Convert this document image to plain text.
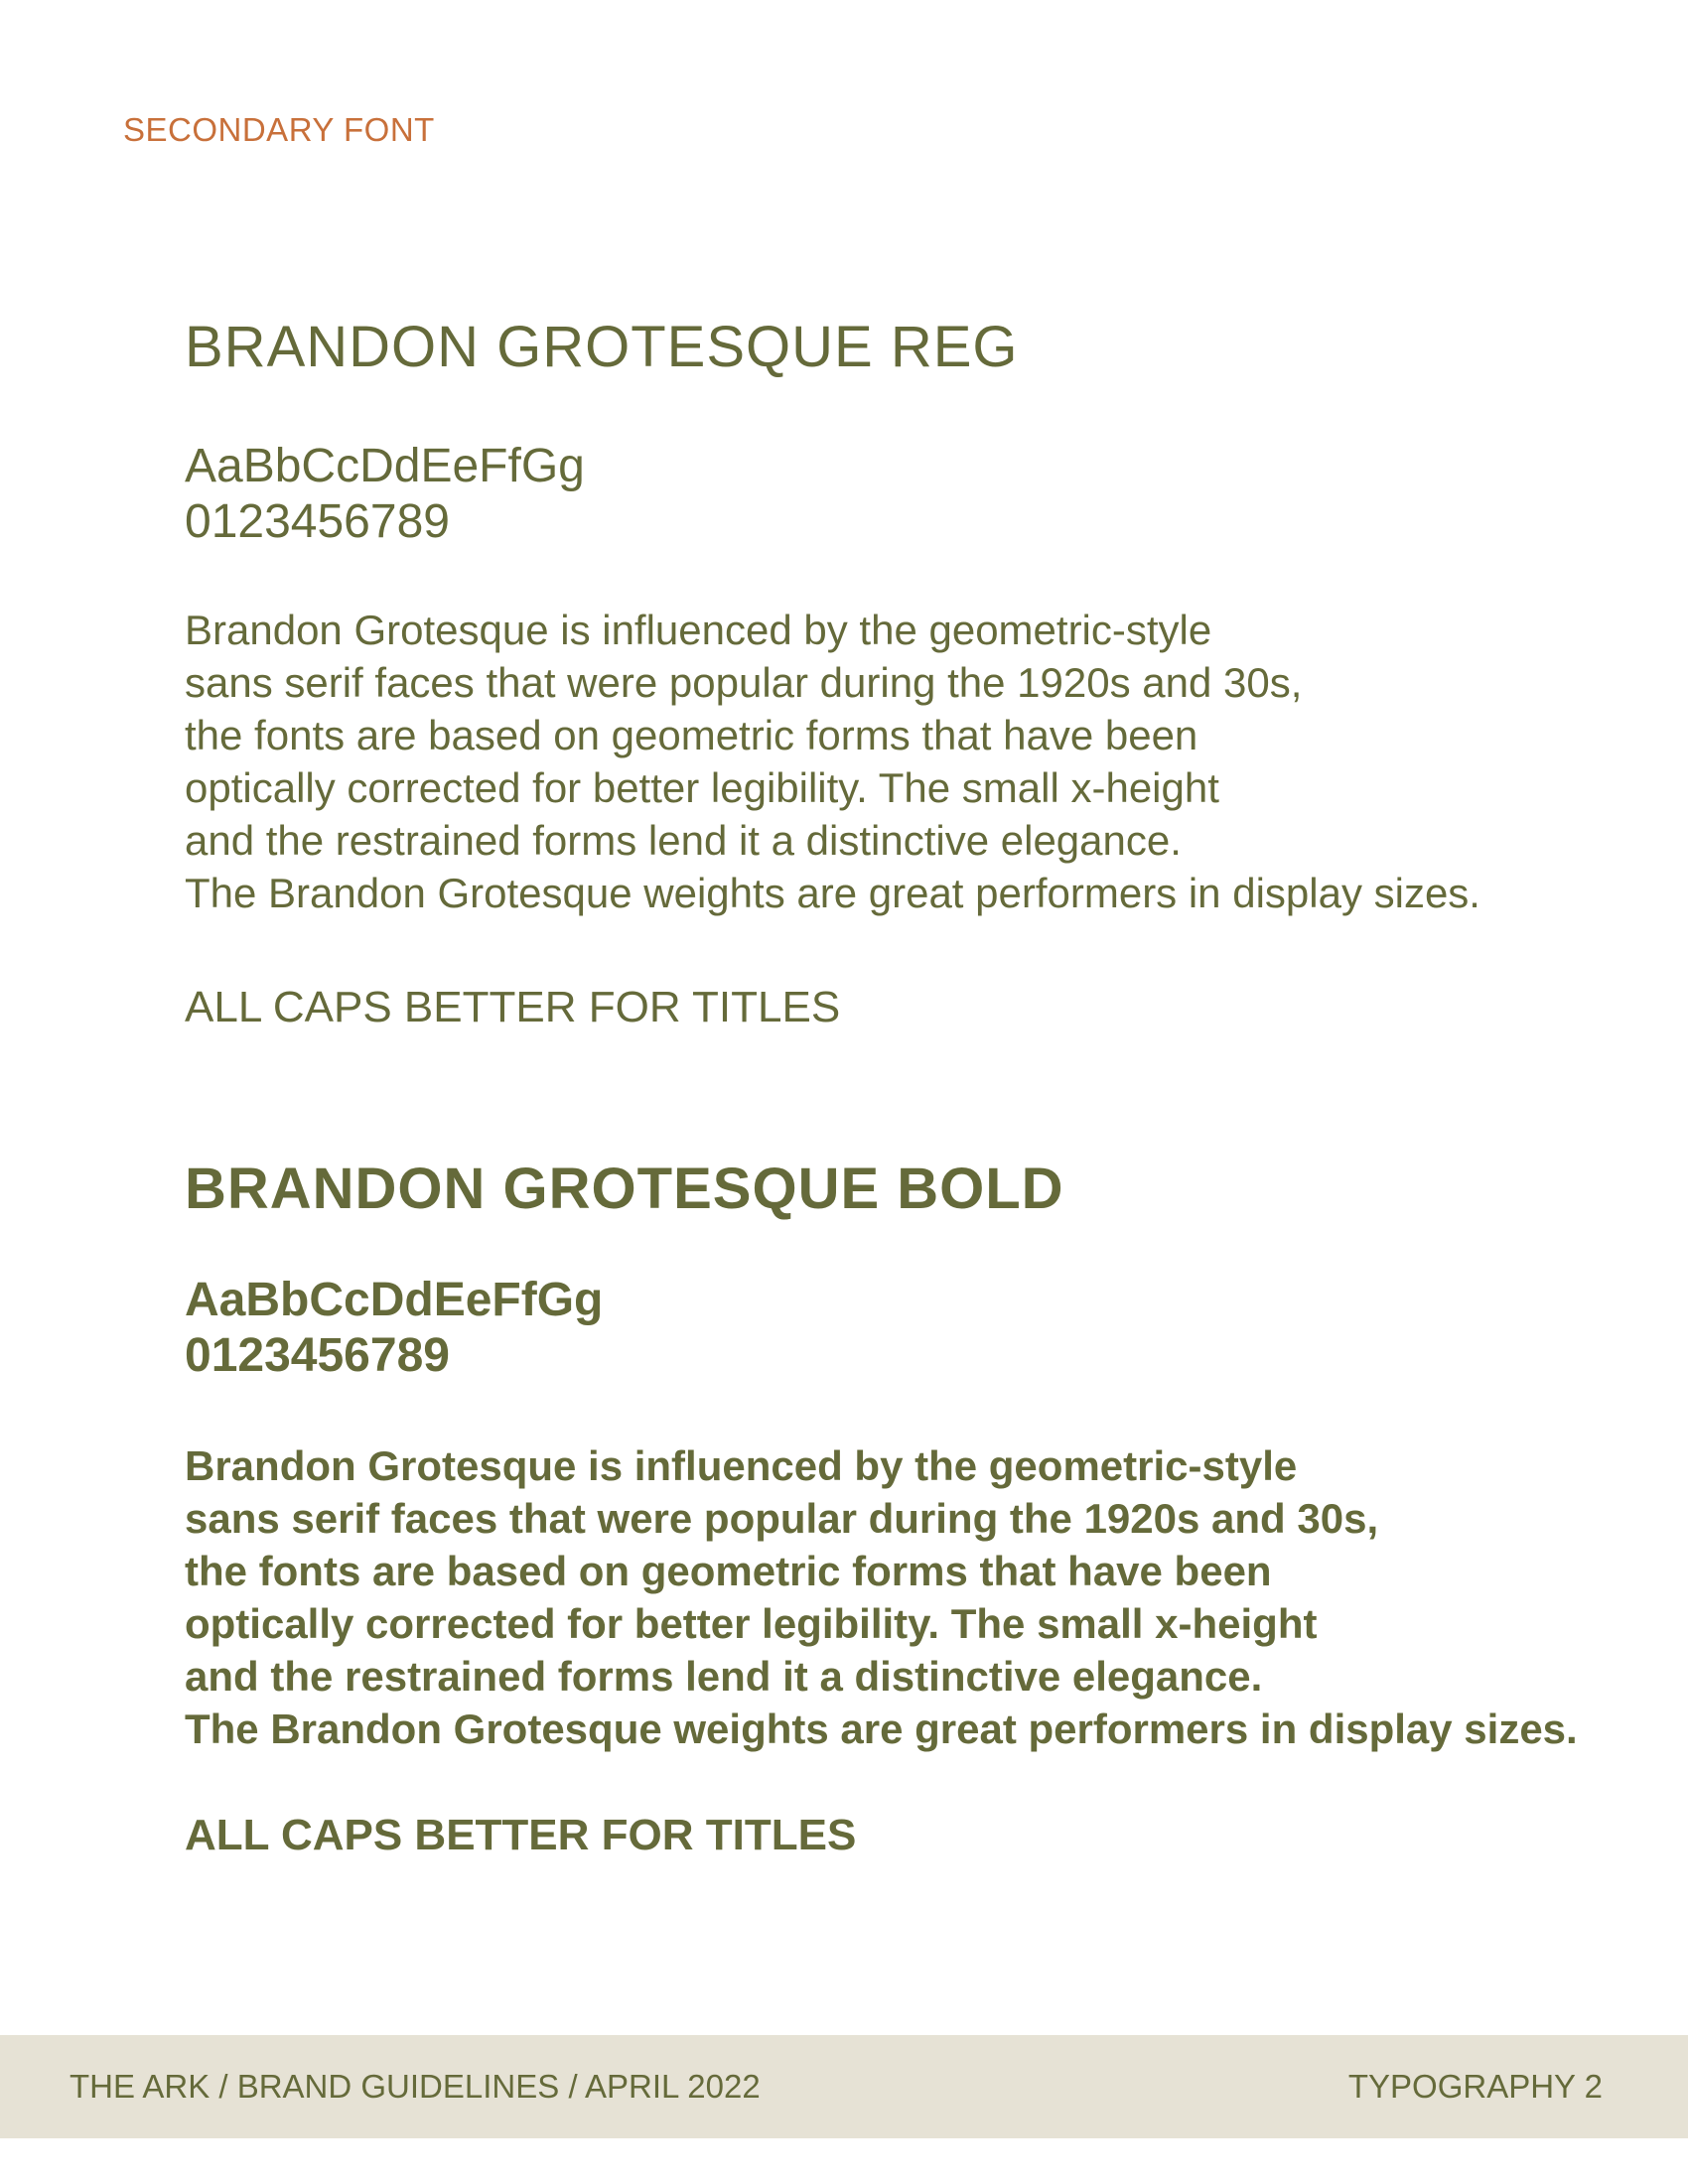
SECONDARY FONT
BRANDON GROTESQUE REG
AaBbCcDdEeFfGg
0123456789
Brandon Grotesque is influenced by the geometric-style
sans serif faces that were popular during the 1920s and 30s,
the fonts are based on geometric forms that have been
optically corrected for better legibility. The small x-height
and the restrained forms lend it a distinctive elegance.
The Brandon Grotesque weights are great performers in display sizes.
ALL CAPS BETTER FOR TITLES
BRANDON GROTESQUE BOLD
AaBbCcDdEeFfGg
0123456789
Brandon Grotesque is influenced by the geometric-style
sans serif faces that were popular during the 1920s and 30s,
the fonts are based on geometric forms that have been
optically corrected for better legibility. The small x-height
and the restrained forms lend it a distinctive elegance.
The Brandon Grotesque weights are great performers in display sizes.
ALL CAPS BETTER FOR TITLES
THE ARK / BRAND GUIDELINES / APRIL 2022	TYPOGRAPHY 2
